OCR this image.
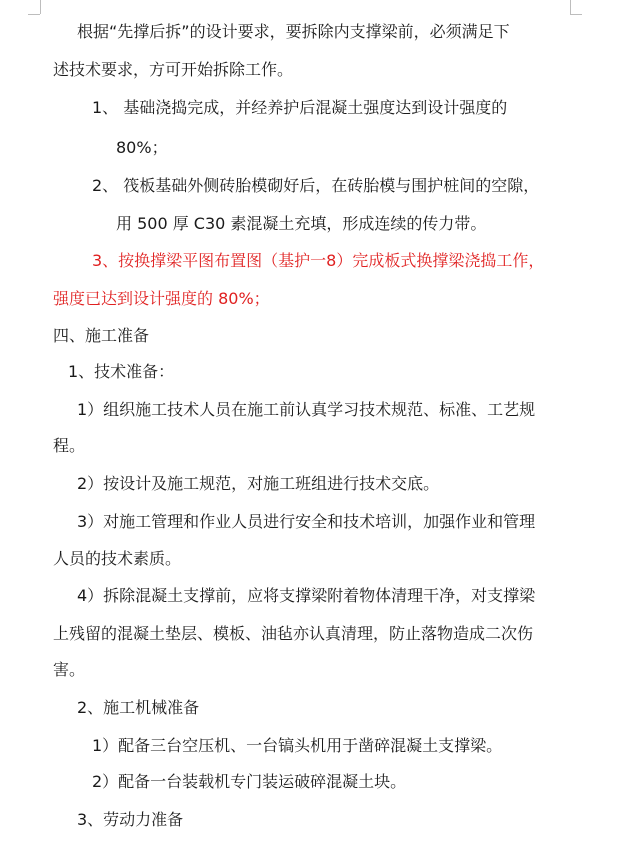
根据“先撑后拆”的设计要求，要拆除内支撑梁前，必须满足下
述技术要求，方可开始拆除工作。
1、 基础浇捣完成，并经养护后混凝土强度达到设计强度的
80%；
2、 筏板基础外侧砖胎模砌好后，在砖胎模与围护桩间的空隙，
用 500 厚 C30 素混凝土充填，形成连续的传力带。
3、按换撑梁平图布置图（基护一8）完成板式换撑梁浇捣工作，
强度已达到设计强度的 80%；
四、施工准备
1、技术准备：
1）组织施工技术人员在施工前认真学习技术规范、标准、工艺规
程。
2）按设计及施工规范，对施工班组进行技术交底。
3）对施工管理和作业人员进行安全和技术培训，加强作业和管理
人员的技术素质。
4）拆除混凝土支撑前，应将支撑梁附着物体清理干净，对支撑梁
上残留的混凝土垫层、模板、油毡亦认真清理，防止落物造成二次伤
害。
2、施工机械准备
1）配备三台空压机、一台镐头机用于凿碎混凝土支撑梁。
2）配备一台装载机专门装运破碎混凝土块。
3、劳动力准备
